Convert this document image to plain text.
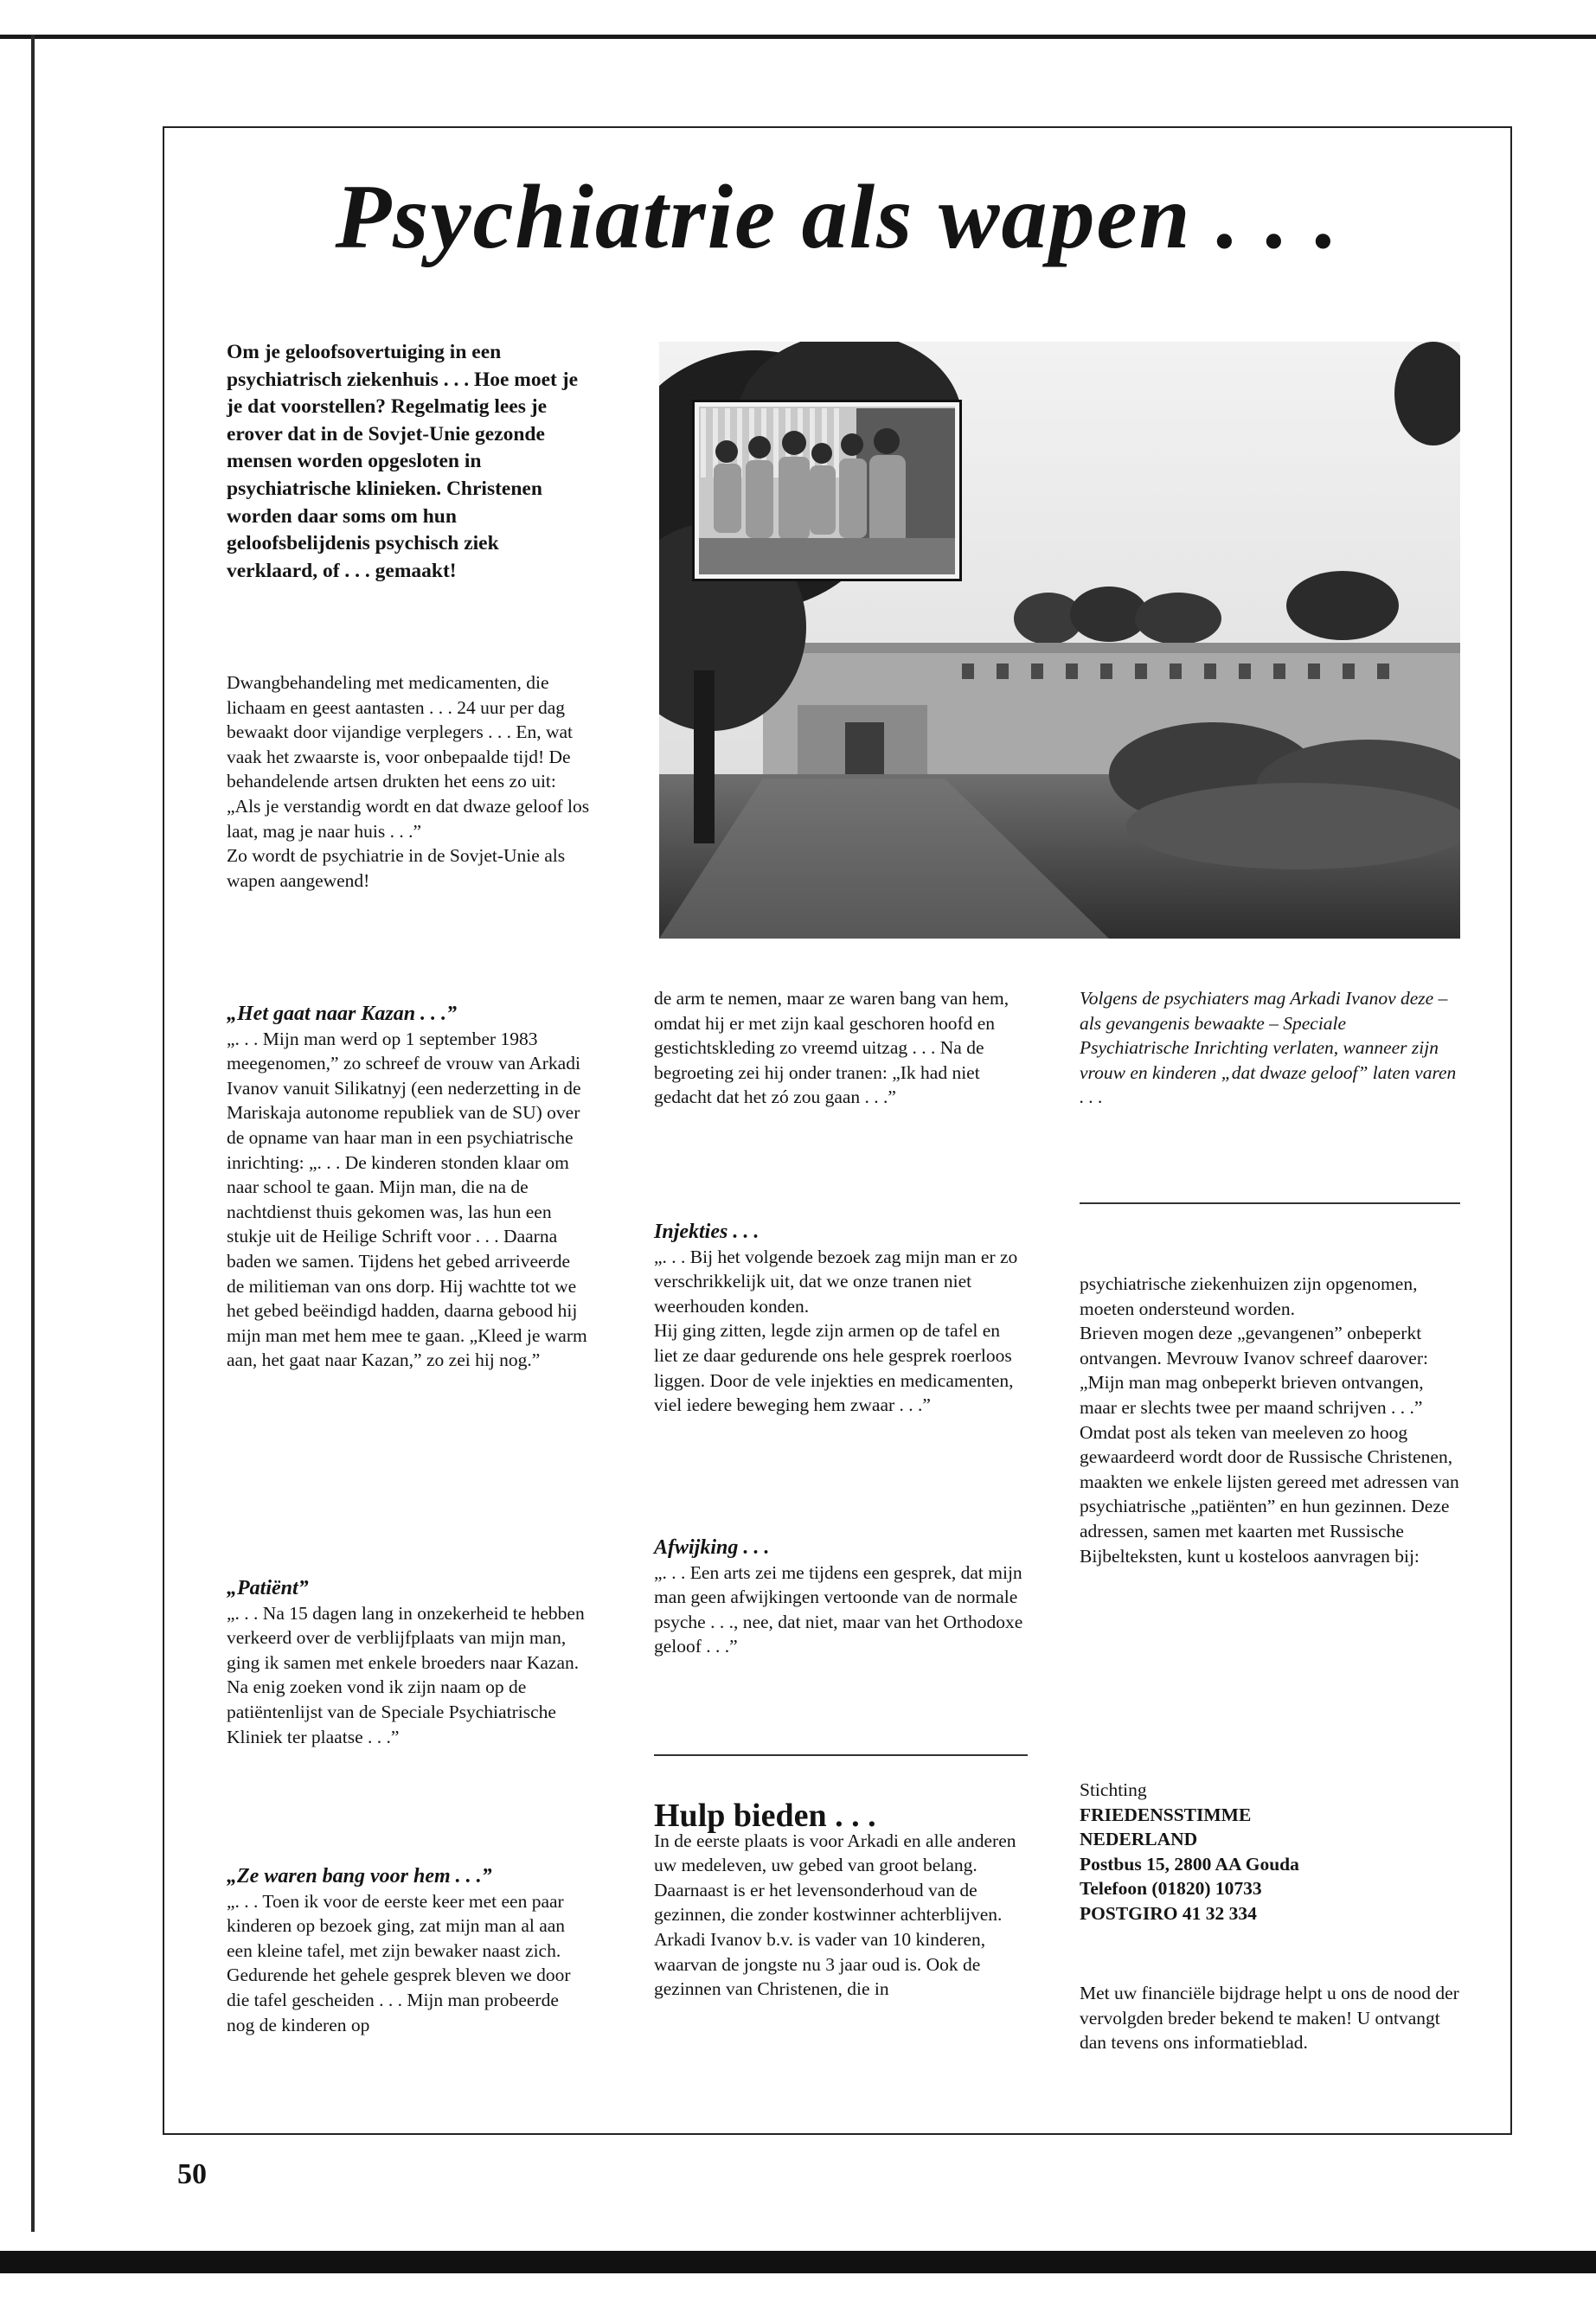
Psychiatrie als wapen . . .

Om je geloofsovertuiging in een psychiatrisch ziekenhuis . . . Hoe moet je je dat voorstellen? Regelmatig lees je erover dat in de Sovjet-Unie gezonde mensen worden opgesloten in psychiatrische klinieken. Christenen worden daar soms om hun geloofsbelijdenis psychisch ziek verklaard, of . . . gemaakt!

Dwangbehandeling met medicamenten, die lichaam en geest aantasten . . . 24 uur per dag bewaakt door vijandige verplegers . . . En, wat vaak het zwaarste is, voor onbepaalde tijd! De behandelende artsen drukten het eens zo uit: „Als je verstandig wordt en dat dwaze geloof los laat, mag je naar huis . . .”

Zo wordt de psychiatrie in de Sovjet-Unie als wapen aangewend!

„Het gaat naar Kazan . . .”

„. . . Mijn man werd op 1 september 1983 meegenomen,” zo schreef de vrouw van Arkadi Ivanov vanuit Silikatnyj (een nederzetting in de Mariskaja autonome republiek van de SU) over de opname van haar man in een psychiatrische inrichting: „. . . De kinderen stonden klaar om naar school te gaan. Mijn man, die na de nachtdienst thuis gekomen was, las hun een stukje uit de Heilige Schrift voor . . . Daarna baden we samen. Tijdens het gebed arriveerde de militieman van ons dorp. Hij wachtte tot we het gebed beëindigd hadden, daarna gebood hij mijn man met hem mee te gaan. „Kleed je warm aan, het gaat naar Kazan,” zo zei hij nog.”

„Patiënt”

„. . . Na 15 dagen lang in onzekerheid te hebben verkeerd over de verblijfplaats van mijn man, ging ik samen met enkele broeders naar Kazan. Na enig zoeken vond ik zijn naam op de patiëntenlijst van de Speciale Psychiatrische Kliniek ter plaatse . . .”

„Ze waren bang voor hem . . .”

„. . . Toen ik voor de eerste keer met een paar kinderen op bezoek ging, zat mijn man al aan een kleine tafel, met zijn bewaker naast zich. Gedurende het gehele gesprek bleven we door die tafel gescheiden . . . Mijn man probeerde nog de kinderen op

de arm te nemen, maar ze waren bang van hem, omdat hij er met zijn kaal geschoren hoofd en gestichtskleding zo vreemd uitzag . . . Na de begroeting zei hij onder tranen: „Ik had niet gedacht dat het zó zou gaan . . .”

Injekties . . .

„. . . Bij het volgende bezoek zag mijn man er zo verschrikkelijk uit, dat we onze tranen niet weerhouden konden.

Hij ging zitten, legde zijn armen op de tafel en liet ze daar gedurende ons hele gesprek roerloos liggen. Door de vele injekties en medicamenten, viel iedere beweging hem zwaar . . .”

Afwijking . . .

„. . . Een arts zei me tijdens een gesprek, dat mijn man geen afwijkingen vertoonde van de normale psyche . . ., nee, dat niet, maar van het Orthodoxe geloof . . .”

Hulp bieden . . .

In de eerste plaats is voor Arkadi en alle anderen uw medeleven, uw gebed van groot belang.

Daarnaast is er het levensonderhoud van de gezinnen, die zonder kostwinner achterblijven. Arkadi Ivanov b.v. is vader van 10 kinderen, waarvan de jongste nu 3 jaar oud is. Ook de gezinnen van Christenen, die in

Volgens de psychiaters mag Arkadi Ivanov deze – als gevangenis bewaakte – Speciale Psychiatrische Inrichting verlaten, wanneer zijn vrouw en kinderen „dat dwaze geloof” laten varen . . .

psychiatrische ziekenhuizen zijn opgenomen, moeten ondersteund worden.

Brieven mogen deze „gevangenen” onbeperkt ontvangen. Mevrouw Ivanov schreef daarover: „Mijn man mag onbeperkt brieven ontvangen, maar er slechts twee per maand schrijven . . .”

Omdat post als teken van meeleven zo hoog gewaardeerd wordt door de Russische Christenen, maakten we enkele lijsten gereed met adressen van psychiatrische „patiënten” en hun gezinnen. Deze adressen, samen met kaarten met Russische Bijbelteksten, kunt u kosteloos aanvragen bij:

Stichting

FRIEDENSSTIMME

NEDERLAND

Postbus 15, 2800 AA Gouda

Telefoon (01820) 10733

POSTGIRO 41 32 334

Met uw financiële bijdrage helpt u ons de nood der vervolgden breder bekend te maken! U ontvangt dan tevens ons informatieblad.

50
